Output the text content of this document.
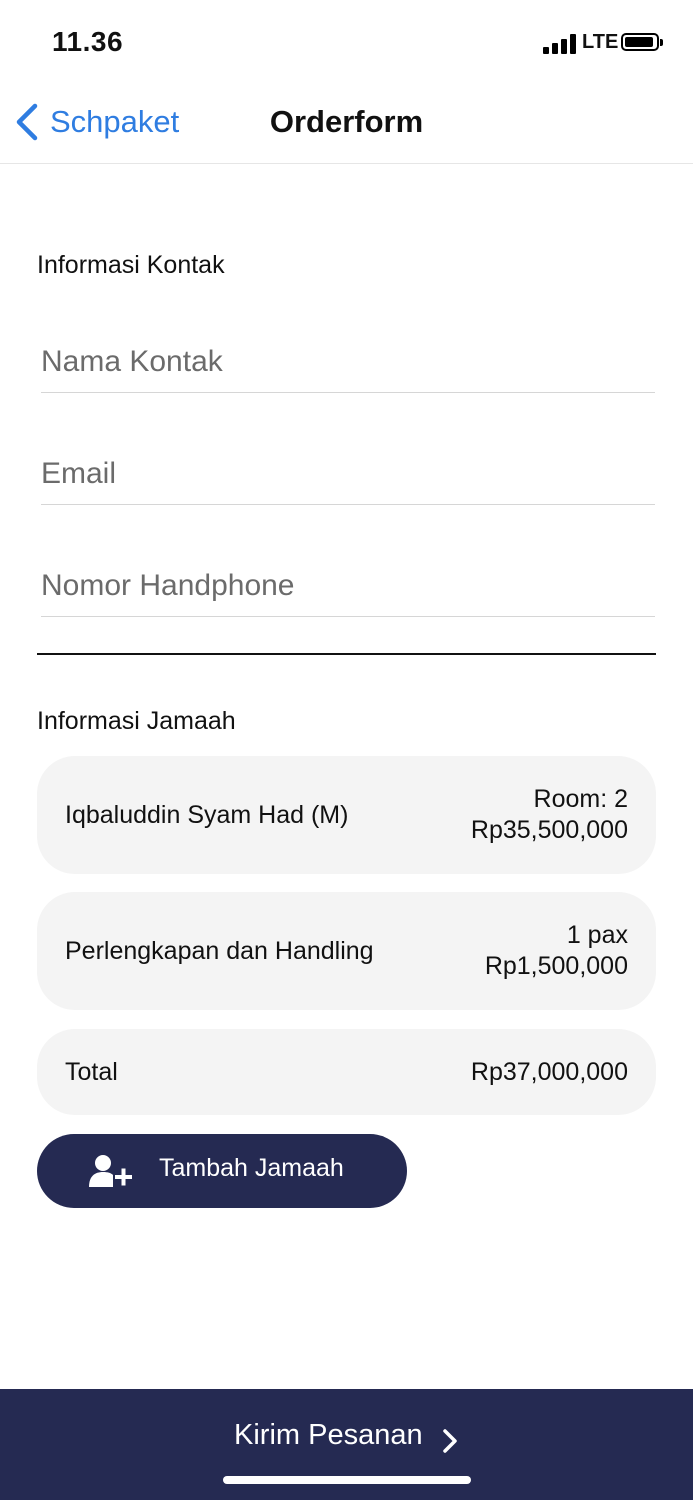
11.36	LTE
Schpaket	Orderform
Informasi Kontak
Nama Kontak
Email
Nomor Handphone
Informasi Jamaah
Iqbaluddin Syam Had (M)
Room: 2
Rp35,500,000
Perlengkapan dan Handling
1 pax
Rp1,500,000
Total	Rp37,000,000
Tambah Jamaah
Kirim Pesanan
